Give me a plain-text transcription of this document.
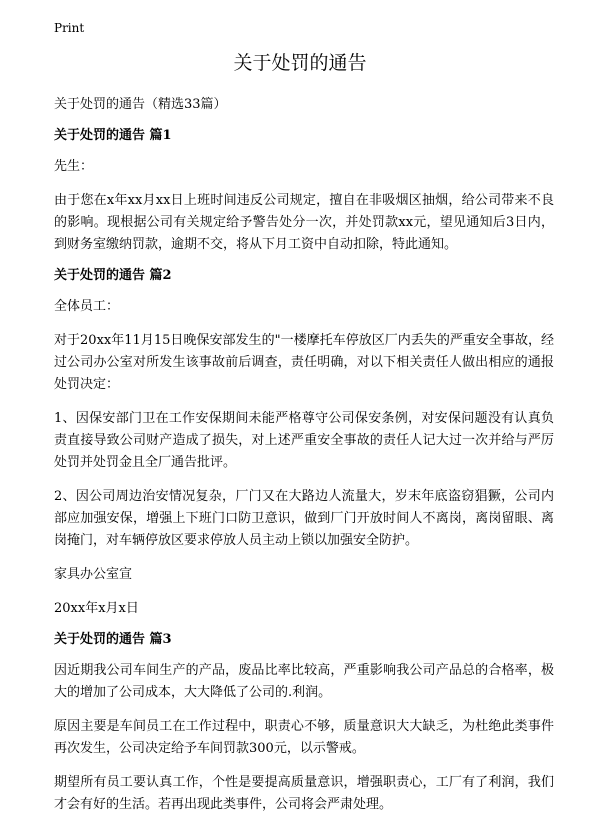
Print
关于处罚的通告

关于处罚的通告（精选33篇）

关于处罚的通告 篇1

先生：

由于您在x年xx月xx日上班时间违反公司规定，擅自在非吸烟区抽烟，给公司带来不良的影响。现根据公司有关规定给予警告处分一次，并处罚款xx元，望见通知后3日内，到财务室缴纳罚款，逾期不交，将从下月工资中自动扣除，特此通知。

关于处罚的通告 篇2

全体员工：

对于20xx年11月15日晚保安部发生的"一楼摩托车停放区厂内丢失的严重安全事故，经过公司办公室对所发生该事故前后调查，责任明确，对以下相关责任人做出相应的通报处罚决定：

1、因保安部门卫在工作安保期间未能严格尊守公司保安条例，对安保问题没有认真负责直接导致公司财产造成了损失，对上述严重安全事故的责任人记大过一次并给与严厉处罚并处罚金且全厂通告批评。

2、因公司周边治安情况复杂，厂门又在大路边人流量大，岁末年底盗窃猖獗，公司内部应加强安保，增强上下班门口防卫意识，做到厂门开放时间人不离岗，离岗留眼、离岗掩门，对车辆停放区要求停放人员主动上锁以加强安全防护。

家具办公室宣

20xx年x月x日

关于处罚的通告 篇3

因近期我公司车间生产的产品，废品比率比较高，严重影响我公司产品总的合格率，极大的增加了公司成本，大大降低了公司的.利润。

原因主要是车间员工在工作过程中，职责心不够，质量意识大大缺乏，为杜绝此类事件再次发生，公司决定给予车间罚款300元，以示警戒。

期望所有员工要认真工作，个性是要提高质量意识，增强职责心，工厂有了利润，我们才会有好的生活。若再出现此类事件，公司将会严肃处理。
